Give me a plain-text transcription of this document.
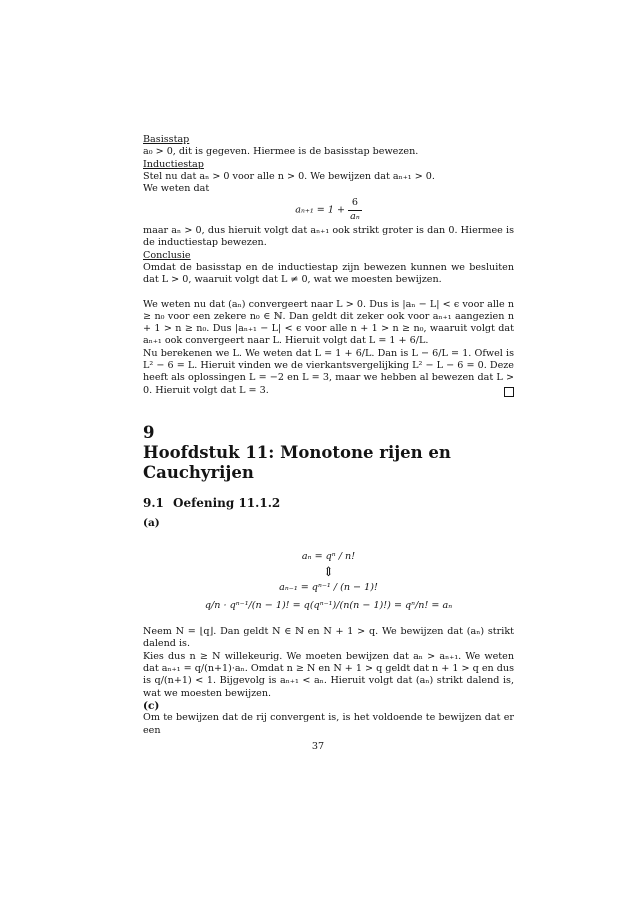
Basisstap

a₀ > 0, dit is gegeven. Hiermee is de basisstap bewezen.

Inductiestap

Stel nu dat aₙ > 0 voor alle n > 0. We bewijzen dat aₙ₊₁ > 0.

We weten dat

$a_{n+1} = 1 + \frac{6}{\text{aₙ}}$

maar aₙ > 0, dus hieruit volgt dat aₙ₊₁ ook strikt groter is dan 0. Hiermee is de inductiestap bewezen.

Conclusie

Omdat de basisstap en de inductiestap zijn bewezen kunnen we besluiten dat L > 0, waaruit volgt dat L ≠ 0, wat we moesten bewijzen.

We weten nu dat (aₙ) convergeert naar L > 0. Dus is |aₙ − L| < ϵ voor alle n ≥ n₀ voor een zekere n₀ ∈ ℕ. Dan geldt dit zeker ook voor aₙ₊₁ aangezien n + 1 > n ≥ n₀. Dus |aₙ₊₁ − L| < ϵ voor alle n + 1 > n ≥ n₀, waaruit volgt dat aₙ₊₁ ook convergeert naar L. Hieruit volgt dat L = 1 + 6/L.

Nu berekenen we L. We weten dat L = 1 + 6/L. Dan is L − 6/L = 1. Ofwel is L² − 6 = L. Hieruit vinden we de vierkantsvergelijking L² − L − 6 = 0. Deze heeft als oplossingen L = −2 en L = 3, maar we hebben al bewezen dat L > 0. Hieruit volgt dat L = 3.

9Hoofdstuk 11: Monotone rijen en Cauchyrijen
9.1 Oefening 11.1.2
(a)
aₙ = qⁿ / n!
⇕
aₙ₋₁ = qⁿ⁻¹ / (n − 1)!
q/n · qⁿ⁻¹/(n − 1)! = q(qⁿ⁻¹)/(n(n − 1)!) = qⁿ/n! = aₙ

Neem N = ⌊q⌋. Dan geldt N ∈ ℕ en N + 1 > q. We bewijzen dat (aₙ) strikt dalend is.

Kies dus n ≥ N willekeurig. We moeten bewijzen dat aₙ > aₙ₊₁. We weten dat aₙ₊₁ = q/(n+1)·aₙ. Omdat n ≥ N en N + 1 > q geldt dat n + 1 > q en dus is q/(n+1) < 1. Bijgevolg is aₙ₊₁ < aₙ. Hieruit volgt dat (aₙ) strikt dalend is, wat we moesten bewijzen.

(c)

Om te bewijzen dat de rij convergent is, is het voldoende te bewijzen dat er een

37
